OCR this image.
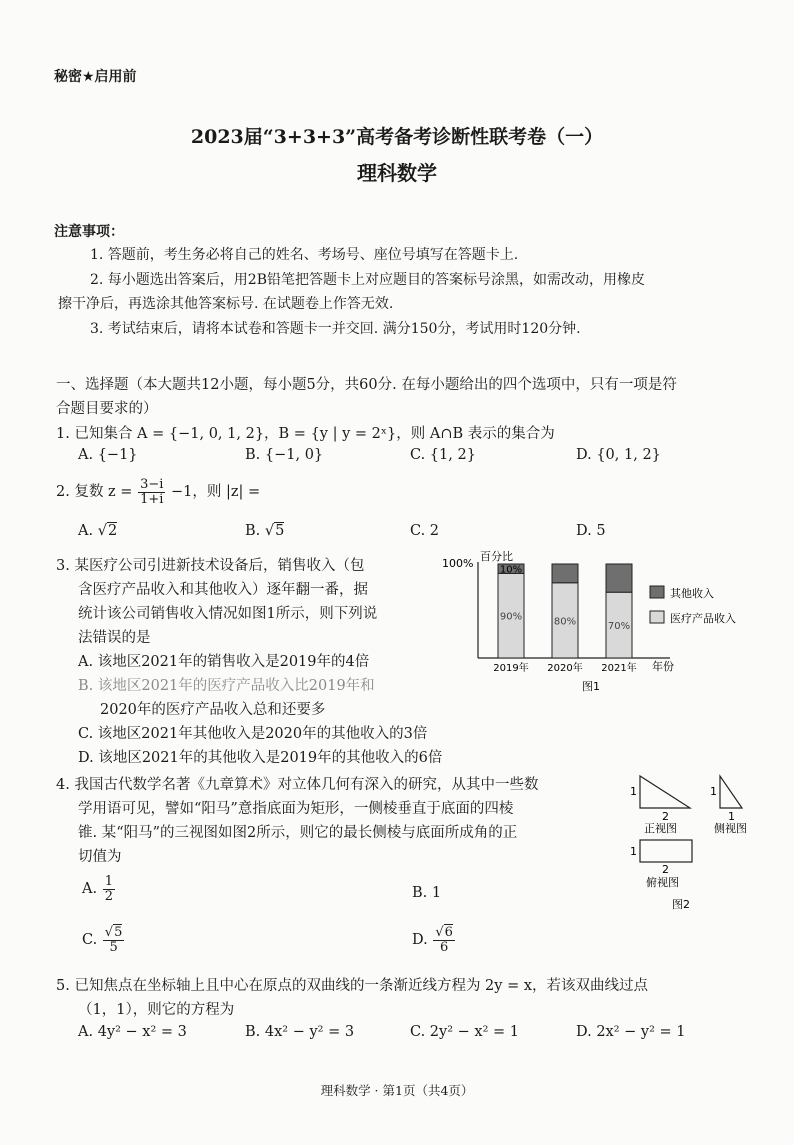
秘密★启用前
2023届“3+3+3”高考备考诊断性联考卷（一）
理科数学
注意事项：
1. 答题前，考生务必将自己的姓名、考场号、座位号填写在答题卡上.
2. 每小题选出答案后，用2B铅笔把答题卡上对应题目的答案标号涂黑，如需改动，用橡皮
擦干净后，再选涂其他答案标号. 在试题卷上作答无效.
3. 考试结束后，请将本试卷和答题卡一并交回. 满分150分，考试用时120分钟.
一、选择题（本大题共12小题，每小题5分，共60分. 在每小题给出的四个选项中，只有一项是符
合题目要求的）
1. 已知集合 A = {−1, 0, 1, 2}，B = {y | y = 2ˣ}，则 A∩B 表示的集合为
A. {−1}	B. {−1, 0}	C. {1, 2}	D. {0, 1, 2}
2. 复数 $z = \frac{3-i}{1+i} -1$，则 |z| =
A. √2	B. √5	C. 2	D. 5
3. 某医疗公司引进新技术设备后，销售收入（包
含医疗产品收入和其他收入）逐年翻一番，据
统计该公司销售收入情况如图1所示，则下列说
法错误的是
A. 该地区2021年的销售收入是2019年的4倍
B. 该地区2021年的医疗产品收入比2019年和
2020年的医疗产品收入总和还要多
C. 该地区2021年其他收入是2020年的其他收入的3倍
D. 该地区2021年的其他收入是2019年的其他收入的6倍
100%
百分比
90%
2019年
80%
2020年
70%
2021年
10%
年份
其他收入
医疗产品收入
图1
4. 我国古代数学名著《九章算术》对立体几何有深入的研究，从其中一些数
学用语可见，譬如“阳马”意指底面为矩形，一侧棱垂直于底面的四棱
锥. 某“阳马”的三视图如图2所示，则它的最长侧棱与底面所成角的正
切值为
A. $\frac{1}{2}$	B. 1
C. $\frac{√5}{5}$	D. $\frac{√6}{6}$
1
2
正视图
1
1
侧视图
1
2
俯视图
图2
5. 已知焦点在坐标轴上且中心在原点的双曲线的一条渐近线方程为 2y = x，若该双曲线过点
（1，1），则它的方程为
A. 4y² − x² = 3	B. 4x² − y² = 3	C. 2y² − x² = 1	D. 2x² − y² = 1
理科数学 · 第1页（共4页）
